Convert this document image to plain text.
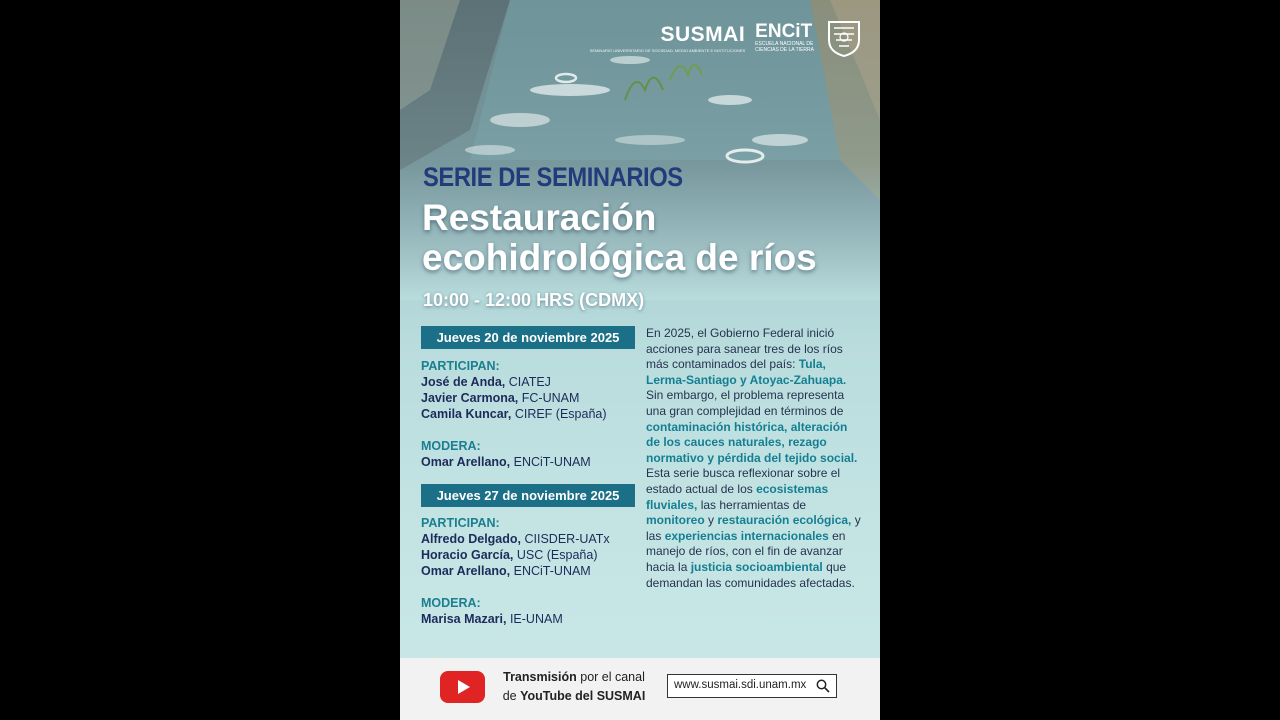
SUSMAI
SEMINARIO UNIVERSITARIO DE SOCIEDAD, MEDIO AMBIENTE E INSTITUCIONES
ENCiT
ESCUELA NACIONAL DE
CIENCIAS DE LA TIERRA
SERIE DE SEMINARIOS
Restauración
ecohidrológica de ríos
10:00 - 12:00 HRS (CDMX)
Jueves 20 de noviembre 2025
PARTICIPAN:
José de Anda, CIATEJ
Javier Carmona, FC-UNAM
Camila Kuncar, CIREF (España)
MODERA:
Omar Arellano, ENCiT-UNAM
Jueves 27 de noviembre 2025
PARTICIPAN:
Alfredo Delgado, CIISDER-UATx
Horacio García, USC (España)
Omar Arellano, ENCiT-UNAM
MODERA:
Marisa Mazari, IE-UNAM
En 2025, el Gobierno Federal inició acciones para sanear tres de los ríos más contaminados del país: Tula, Lerma-Santiago y Atoyac-Zahuapa. Sin embargo, el problema representa una gran complejidad en términos de contaminación histórica, alteración de los cauces naturales, rezago normativo y pérdida del tejido social.
Esta serie busca reflexionar sobre el estado actual de los ecosistemas fluviales, las herramientas de monitoreo y restauración ecológica, y las experiencias internacionales en manejo de ríos, con el fin de avanzar hacia la justicia socioambiental que demandan las comunidades afectadas.
Transmisión por el canal
de YouTube del SUSMAI
www.susmai.sdi.unam.mx
